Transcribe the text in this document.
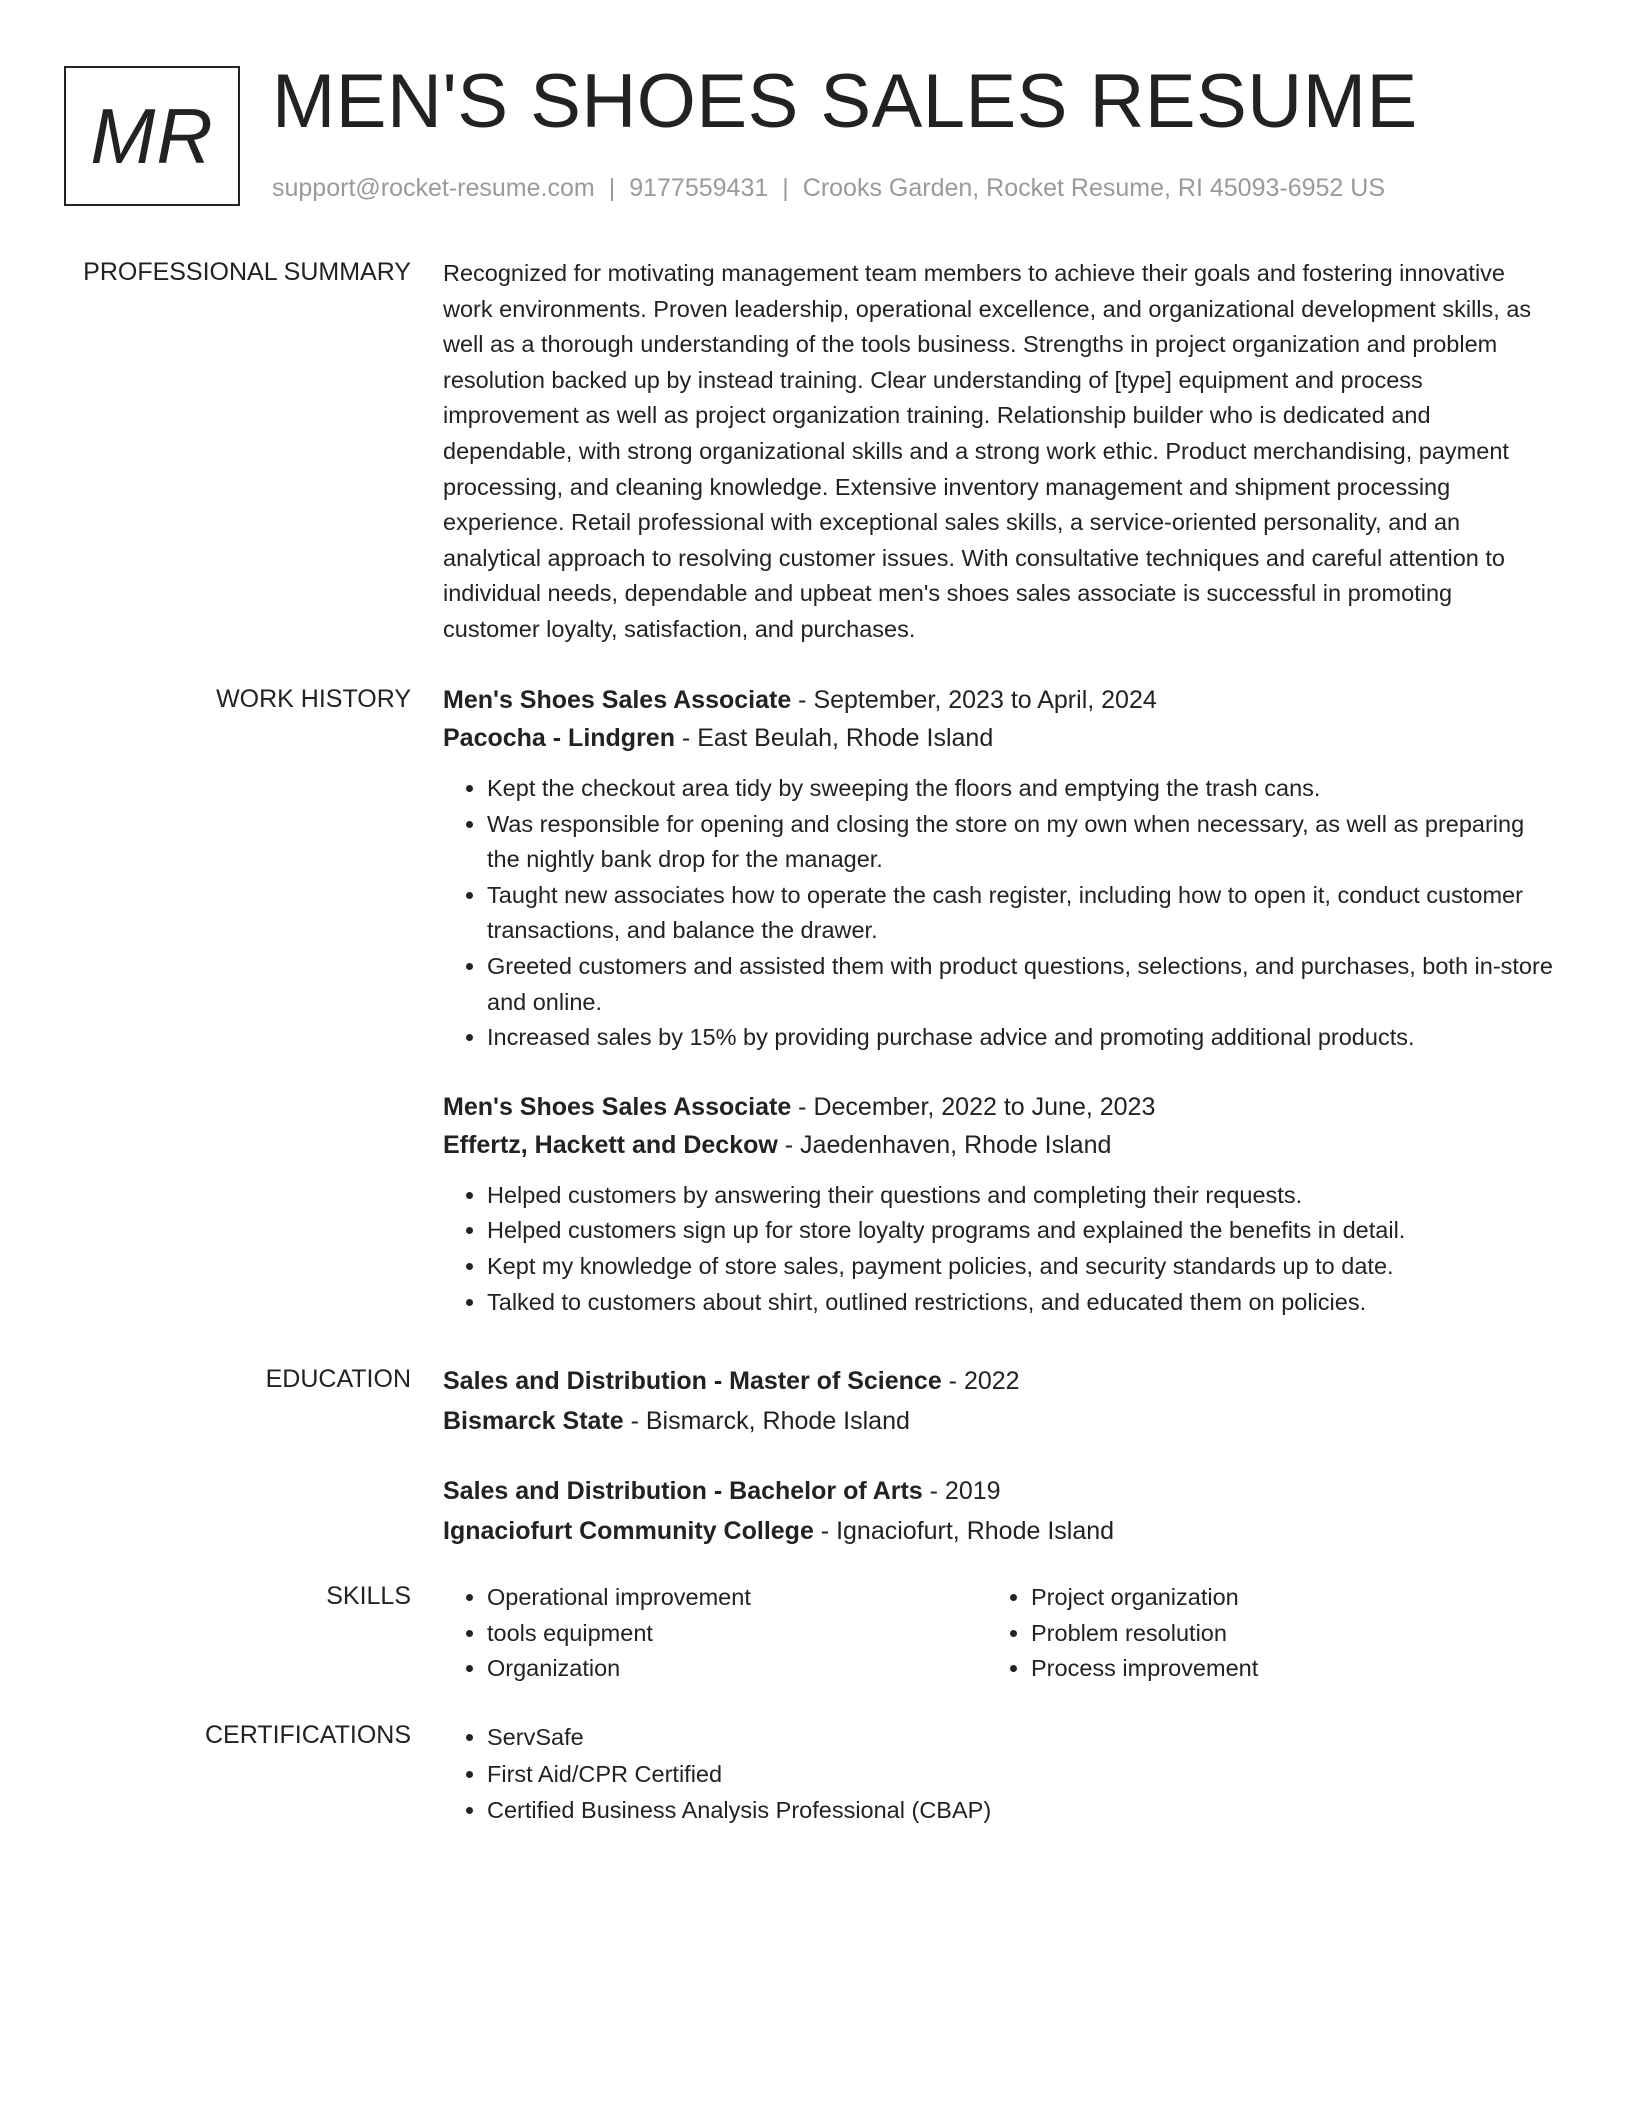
MR MEN'S SHOES SALES RESUME
support@rocket-resume.com | 9177559431 | Crooks Garden, Rocket Resume, RI 45093-6952 US
PROFESSIONAL SUMMARY Recognized for motivating management team members to achieve their goals and fostering innovative work environments. Proven leadership, operational excellence, and organizational development skills, as well as a thorough understanding of the tools business. Strengths in project organization and problem resolution backed up by instead training. Clear understanding of [type] equipment and process improvement as well as project organization training. Relationship builder who is dedicated and dependable, with strong organizational skills and a strong work ethic. Product merchandising, payment processing, and cleaning knowledge. Extensive inventory management and shipment processing experience. Retail professional with exceptional sales skills, a service-oriented personality, and an analytical approach to resolving customer issues. With consultative techniques and careful attention to individual needs, dependable and upbeat men's shoes sales associate is successful in promoting customer loyalty, satisfaction, and purchases.

WORK HISTORY Men's Shoes Sales Associate - September, 2023 to April, 2024
Pacocha - Lindgren - East Beulah, Rhode Island
• Kept the checkout area tidy by sweeping the floors and emptying the trash cans.
• Was responsible for opening and closing the store on my own when necessary, as well as preparing the nightly bank drop for the manager.
• Taught new associates how to operate the cash register, including how to open it, conduct customer transactions, and balance the drawer.
• Greeted customers and assisted them with product questions, selections, and purchases, both in-store and online.
• Increased sales by 15% by providing purchase advice and promoting additional products.
Men's Shoes Sales Associate - December, 2022 to June, 2023
Effertz, Hackett and Deckow - Jaedenhaven, Rhode Island
• Helped customers by answering their questions and completing their requests.
• Helped customers sign up for store loyalty programs and explained the benefits in detail.
• Kept my knowledge of store sales, payment policies, and security standards up to date.
• Talked to customers about shirt, outlined restrictions, and educated them on policies.
EDUCATION Sales and Distribution - Master of Science - 2022
Bismarck State - Bismarck, Rhode Island
Sales and Distribution - Bachelor of Arts - 2019
Ignaciofurt Community College - Ignaciofurt, Rhode Island
SKILLS	• Operational improvement
• tools equipment
• Organization
• Project organization
• Problem resolution
• Process improvement
CERTIFICATIONS	• ServSafe
• First Aid/CPR Certified
• Certified Business Analysis Professional (CBAP)
